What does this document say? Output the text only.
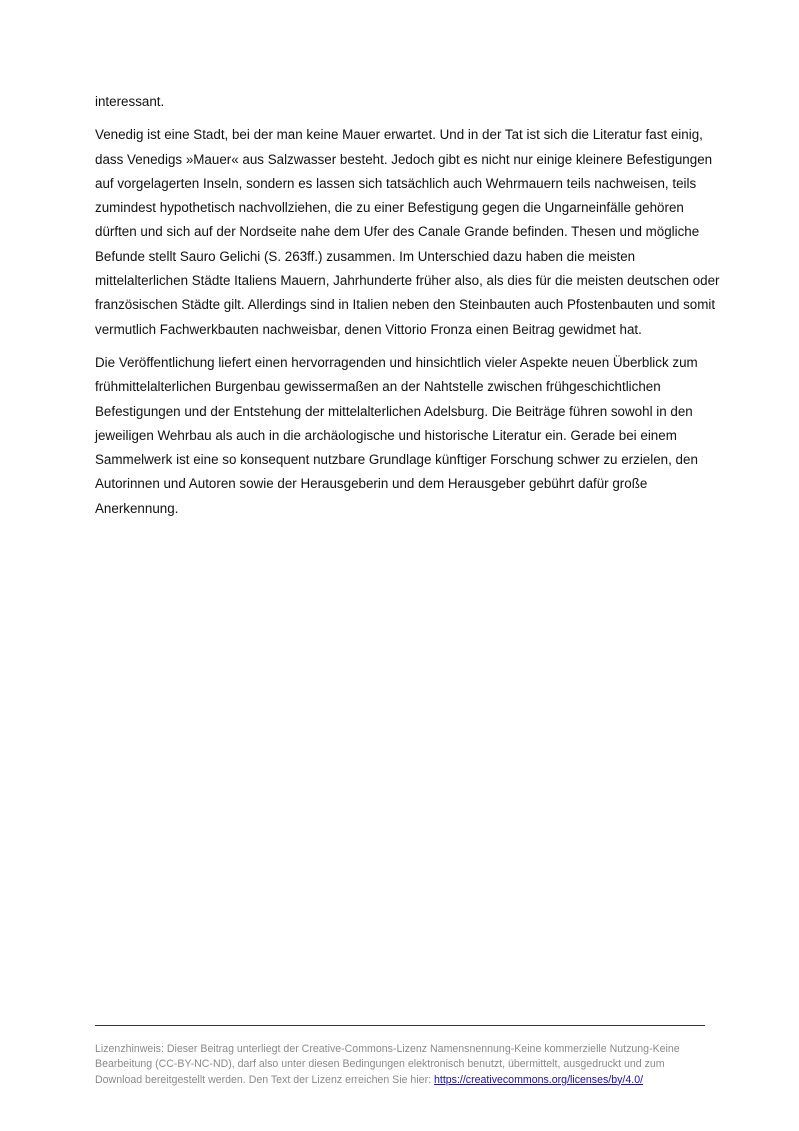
interessant.

Venedig ist eine Stadt, bei der man keine Mauer erwartet. Und in der Tat ist sich die Literatur fast einig, dass Venedigs »Mauer« aus Salzwasser besteht. Jedoch gibt es nicht nur einige kleinere Befestigungen auf vorgelagerten Inseln, sondern es lassen sich tatsächlich auch Wehrmauern teils nachweisen, teils zumindest hypothetisch nachvollziehen, die zu einer Befestigung gegen die Ungarneinfälle gehören dürften und sich auf der Nordseite nahe dem Ufer des Canale Grande befinden. Thesen und mögliche Befunde stellt Sauro Gelichi (S. 263ff.) zusammen. Im Unterschied dazu haben die meisten mittelalterlichen Städte Italiens Mauern, Jahrhunderte früher also, als dies für die meisten deutschen oder französischen Städte gilt. Allerdings sind in Italien neben den Steinbauten auch Pfostenbauten und somit vermutlich Fachwerkbauten nachweisbar, denen Vittorio Fronza einen Beitrag gewidmet hat.

Die Veröffentlichung liefert einen hervorragenden und hinsichtlich vieler Aspekte neuen Überblick zum frühmittelalterlichen Burgenbau gewissermaßen an der Nahtstelle zwischen frühgeschichtlichen Befestigungen und der Entstehung der mittelalterlichen Adelsburg. Die Beiträge führen sowohl in den jeweiligen Wehrbau als auch in die archäologische und historische Literatur ein. Gerade bei einem Sammelwerk ist eine so konsequent nutzbare Grundlage künftiger Forschung schwer zu erzielen, den Autorinnen und Autoren sowie der Herausgeberin und dem Herausgeber gebührt dafür große Anerkennung.

Lizenzhinweis: Dieser Beitrag unterliegt der Creative-Commons-Lizenz Namensnennung-Keine kommerzielle Nutzung-Keine Bearbeitung (CC-BY-NC-ND), darf also unter diesen Bedingungen elektronisch benutzt, übermittelt, ausgedruckt und zum Download bereitgestellt werden. Den Text der Lizenz erreichen Sie hier: https://creativecommons.org/licenses/by/4.0/
